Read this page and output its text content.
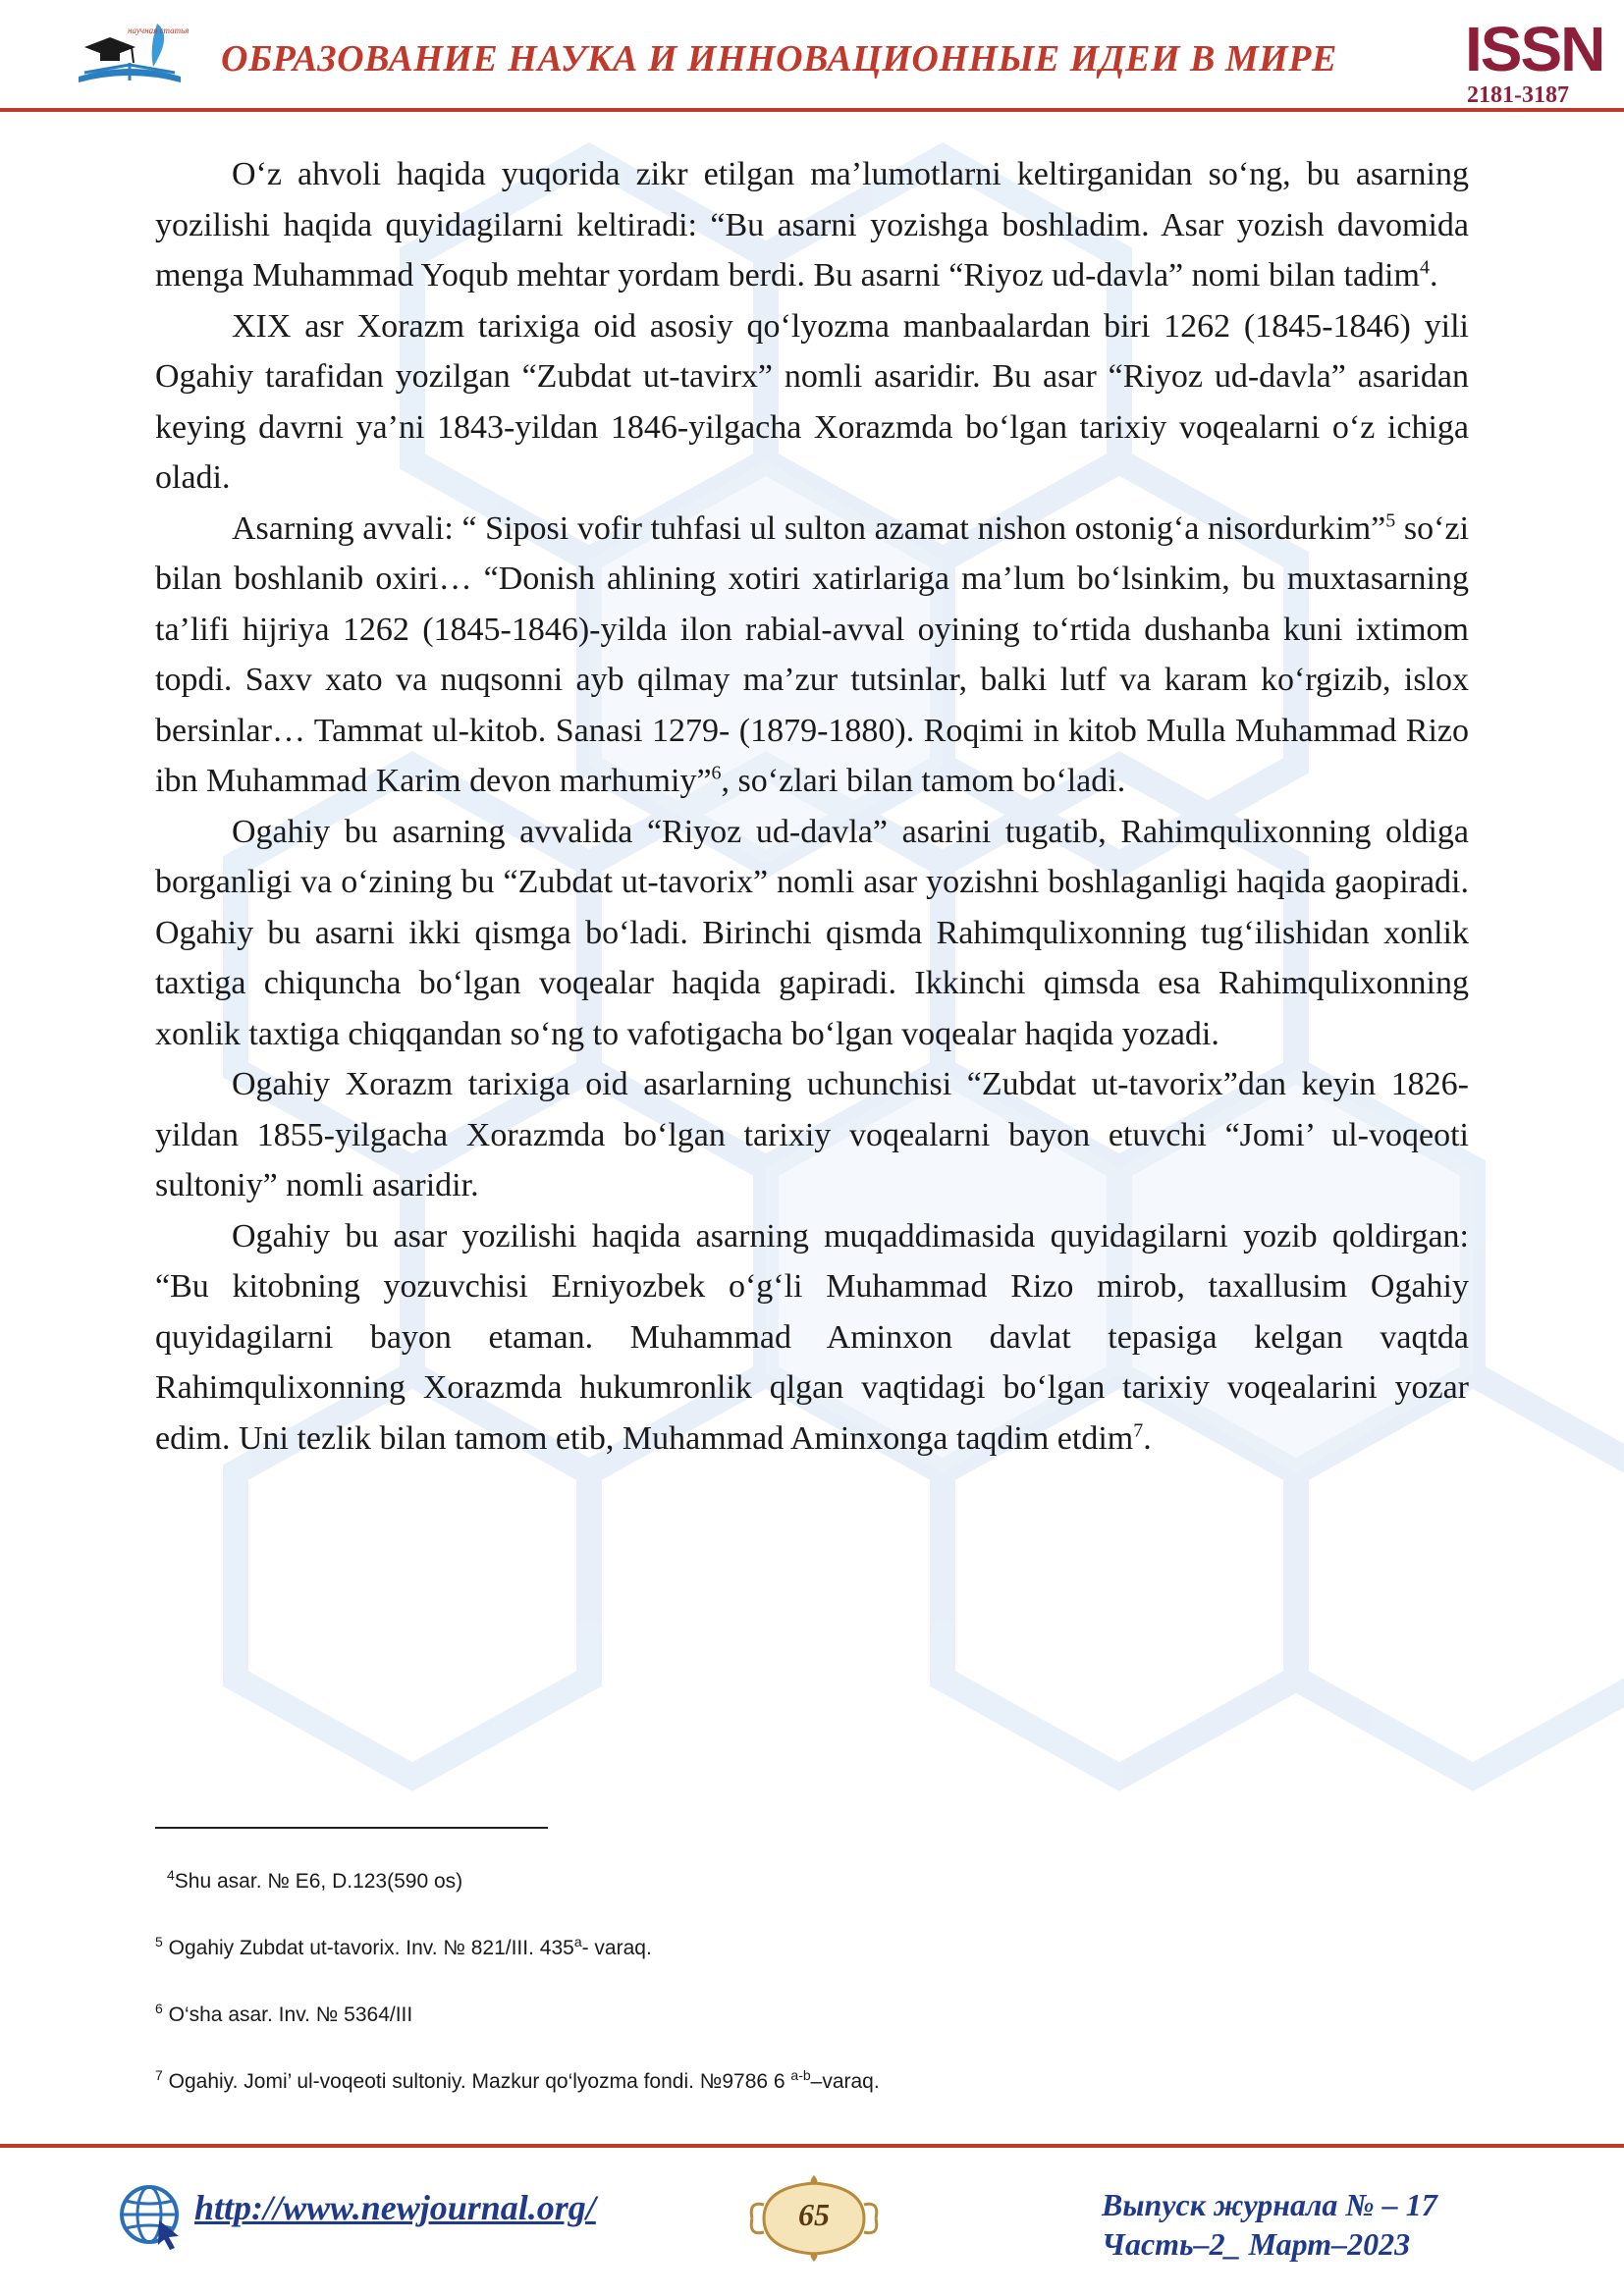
научная статья
ОБРАЗОВАНИЕ НАУКА И ИННОВАЦИОННЫЕ ИДЕИ В МИРЕ	ISSN
2181-3187

O‘z ahvoli haqida yuqorida zikr etilgan ma’lumotlarni keltirganidan so‘ng, bu asarning yozilishi haqida quyidagilarni keltiradi: “Bu asarni yozishga boshladim. Asar yozish davomida menga Muhammad Yoqub mehtar yordam berdi. Bu asarni “Riyoz ud-davla” nomi bilan tadim$^4$.

XIX asr Xorazm tarixiga oid asosiy qo‘lyozma manbaalardan biri 1262 (1845-1846) yili Ogahiy tarafidan yozilgan “Zubdat ut-tavirx” nomli asaridir. Bu asar “Riyoz ud-davla” asaridan keying davrni ya’ni 1843-yildan 1846-yilgacha Xorazmda bo‘lgan tarixiy voqealarni o‘z ichiga oladi.

Asarning avvali: “ Siposi vofir tuhfasi ul sulton azamat nishon ostonig‘a nisordurkim”$^5$ so‘zi bilan boshlanib oxiri… “Donish ahlining xotiri xatirlariga ma’lum bo‘lsinkim, bu muxtasarning ta’lifi hijriya 1262 (1845-1846)-yilda ilon rabial-avval oyining to‘rtida dushanba kuni ixtimom topdi. Saxv xato va nuqsonni ayb qilmay ma’zur tutsinlar, balki lutf va karam ko‘rgizib, islox bersinlar… Tammat ul-kitob. Sanasi 1279- (1879-1880). Roqimi in kitob Mulla Muhammad Rizo ibn Muhammad Karim devon marhumiy”$^6$, so‘zlari bilan tamom bo‘ladi.

Ogahiy bu asarning avvalida “Riyoz ud-davla” asarini tugatib, Rahimqulixonning oldiga borganligi va o‘zining bu “Zubdat ut-tavorix” nomli asar yozishni boshlaganligi haqida gaopiradi. Ogahiy bu asarni ikki qismga bo‘ladi. Birinchi qismda Rahimqulixonning tug‘ilishidan xonlik taxtiga chiquncha bo‘lgan voqealar haqida gapiradi. Ikkinchi qimsda esa Rahimqulixonning xonlik taxtiga chiqqandan so‘ng to vafotigacha bo‘lgan voqealar haqida yozadi.

Ogahiy Xorazm tarixiga oid asarlarning uchunchisi “Zubdat ut-tavorix”dan keyin 1826-yildan 1855-yilgacha Xorazmda bo‘lgan tarixiy voqealarni bayon etuvchi “Jomi’ ul-voqeoti sultoniy” nomli asaridir.

Ogahiy bu asar yozilishi haqida asarning muqaddimasida quyidagilarni yozib qoldirgan: “Bu kitobning yozuvchisi Erniyozbek o‘g‘li Muhammad Rizo mirob, taxallusim Ogahiy quyidagilarni bayon etaman. Muhammad Aminxon davlat tepasiga kelgan vaqtda Rahimqulixonning Xorazmda hukumronlik qlgan vaqtidagi bo‘lgan tarixiy voqealarini yozar edim. Uni tezlik bilan tamom etib, Muhammad Aminxonga taqdim etdim$^7$.

$^4$Shu asar. № E6, D.123(590 os)
$^5$ Ogahiy Zubdat ut-tavorix. Inv. № 821/III. 435$^a$- varaq.
$^6$ O‘sha asar. Inv. № 5364/III
$^7$ Ogahiy. Jomi’ ul-voqeoti sultoniy. Mazkur qo‘lyozma fondi. №9786 6 $^{a-b}$–varaq.
http://www.newjournal.org/	65	Выпуск журнала № – 17
Часть–2_ Март–2023
